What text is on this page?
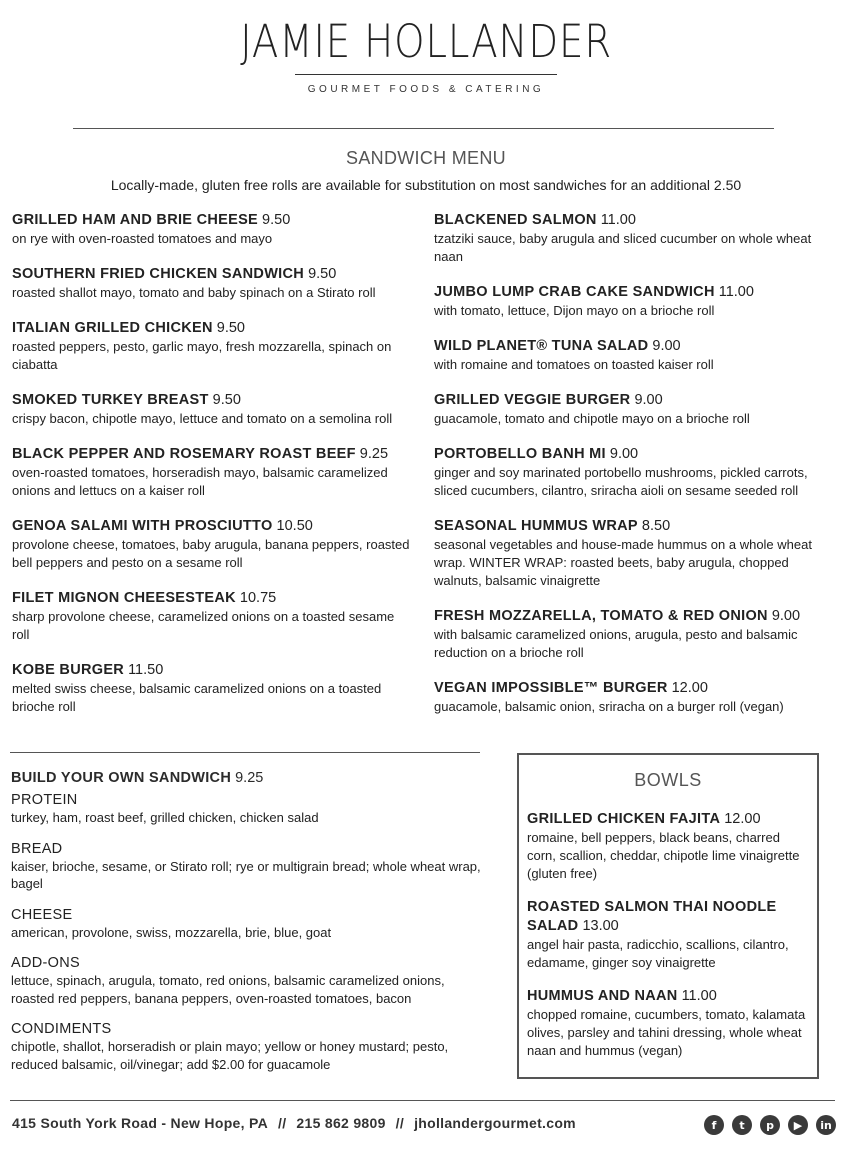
JAMIE HOLLANDER
GOURMET FOODS & CATERING
SANDWICH MENU
Locally-made, gluten free rolls are available for substitution on most sandwiches for an additional 2.50
GRILLED HAM AND BRIE CHEESE 9.50
on rye with oven-roasted tomatoes and mayo
SOUTHERN FRIED CHICKEN SANDWICH 9.50
roasted shallot mayo, tomato and baby spinach on a Stirato roll
ITALIAN GRILLED CHICKEN 9.50
roasted peppers, pesto, garlic mayo, fresh mozzarella, spinach on ciabatta
SMOKED TURKEY BREAST 9.50
crispy bacon, chipotle mayo, lettuce and tomato on a semolina roll
BLACK PEPPER AND ROSEMARY ROAST BEEF 9.25
oven-roasted tomatoes, horseradish mayo, balsamic caramelized onions and lettucs on a kaiser roll
GENOA SALAMI WITH PROSCIUTTO 10.50
provolone cheese, tomatoes, baby arugula, banana peppers, roasted bell peppers and pesto on a sesame roll
FILET MIGNON CHEESESTEAK 10.75
sharp provolone cheese, caramelized onions on a toasted sesame roll
KOBE BURGER 11.50
melted swiss cheese, balsamic caramelized onions on a toasted brioche roll
BLACKENED SALMON 11.00
tzatziki sauce, baby arugula and sliced cucumber on whole wheat naan
JUMBO LUMP CRAB CAKE SANDWICH 11.00
with tomato, lettuce, Dijon mayo on a brioche roll
WILD PLANET® TUNA SALAD 9.00
with romaine and tomatoes on toasted kaiser roll
GRILLED VEGGIE BURGER 9.00
guacamole, tomato and chipotle mayo on a brioche roll
PORTOBELLO BANH MI 9.00
ginger and soy marinated portobello mushrooms, pickled carrots, sliced cucumbers, cilantro, sriracha aioli on sesame seeded roll
SEASONAL HUMMUS WRAP 8.50
seasonal vegetables and house-made hummus on a whole wheat wrap. WINTER WRAP: roasted beets, baby arugula, chopped walnuts, balsamic vinaigrette
FRESH MOZZARELLA, TOMATO & RED ONION 9.00
with balsamic caramelized onions, arugula, pesto and balsamic reduction on a brioche roll
VEGAN IMPOSSIBLE™ BURGER 12.00
guacamole, balsamic onion, sriracha on a burger roll (vegan)
BUILD YOUR OWN SANDWICH 9.25
PROTEIN
turkey, ham, roast beef, grilled chicken, chicken salad
BREAD
kaiser, brioche, sesame, or Stirato roll; rye or multigrain bread; whole wheat wrap, bagel
CHEESE
american, provolone, swiss, mozzarella, brie, blue, goat
ADD-ONS
lettuce, spinach, arugula, tomato, red onions, balsamic caramelized onions, roasted red peppers, banana peppers, oven-roasted tomatoes, bacon
CONDIMENTS
chipotle, shallot, horseradish or plain mayo; yellow or honey mustard; pesto, reduced balsamic, oil/vinegar; add $2.00 for guacamole
BOWLS
GRILLED CHICKEN FAJITA 12.00
romaine, bell peppers, black beans, charred corn, scallion, cheddar, chipotle lime vinaigrette (gluten free)
ROASTED SALMON THAI NOODLE SALAD 13.00
angel hair pasta, radicchio, scallions, cilantro, edamame, ginger soy vinaigrette
HUMMUS AND NAAN 11.00
chopped romaine, cucumbers, tomato, kalamata olives, parsley and tahini dressing, whole wheat naan and hummus (vegan)
415 South York Road - New Hope, PA // 215 862 9809 // jhollandergourmet.com	f	t	p	▶	in
